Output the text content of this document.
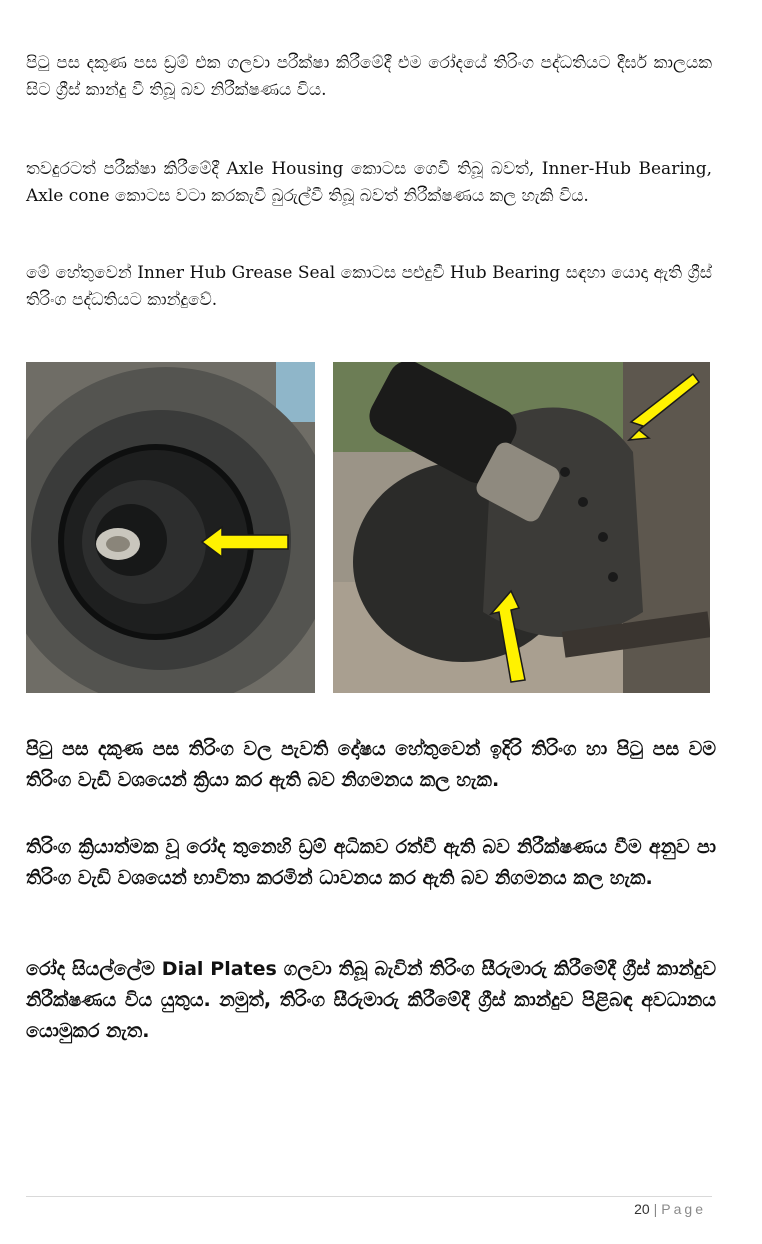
පිටු පස දකුණ පස ඩ්‍රම් එක ගලවා පරීක්ෂා කිරීමේදී එම රෝදයේ තිරිංග පද්ධතියට දීර්ඝ කාලයක සිට ග්‍රීස් කාන්දු වී තිබූ බව නිරීක්ෂණය විය.

තවදුරටත් පරීක්ෂා කිරීමේදී Axle Housing කොටස ගෙවී තිබූ බවත්, Inner-Hub Bearing, Axle cone කොටස වටා කරකැවී බුරුල්වී තිබූ බවත් නිරීක්ෂණය කල හැකි විය.

මේ හේතුවෙන් Inner Hub Grease Seal කොටස පළුදුවී Hub Bearing සඳහා යොදා ඇති ග්‍රීස් තිරිංග පද්ධතියට කාන්දුවේ.

පිටු පස දකුණ පස තිරිංග වල පැවති දෝෂය හේතුවෙන් ඉදිරි තිරිංග හා පිටු පස වම තිරිංග වැඩි වශයෙන් ක්‍රියා කර ඇති බව නිගමනය කල හැක.

තිරිංග ක්‍රියාත්මක වූ රෝද තුනෙහි ඩ්‍රම් අධිකව රත්වී ඇති බව නිරීක්ෂණය වීම අනුව පා තිරිංග වැඩි වශයෙන් භාවිතා කරමින් ධාවනය කර ඇති බව නිගමනය කල හැක.

රෝද සියල්ලේම Dial Plates ගලවා තිබූ බැවින් තිරිංග සීරුමාරු කිරීමේදී ග්‍රීස් කාන්දුව නිරීක්ෂණය විය යුතුය. නමුත්, තිරිංග සීරුමාරු කිරීමේදී ග්‍රීස් කාන්දුව පිළිබඳ අවධානය යොමුකර නැත.

20 | Page
